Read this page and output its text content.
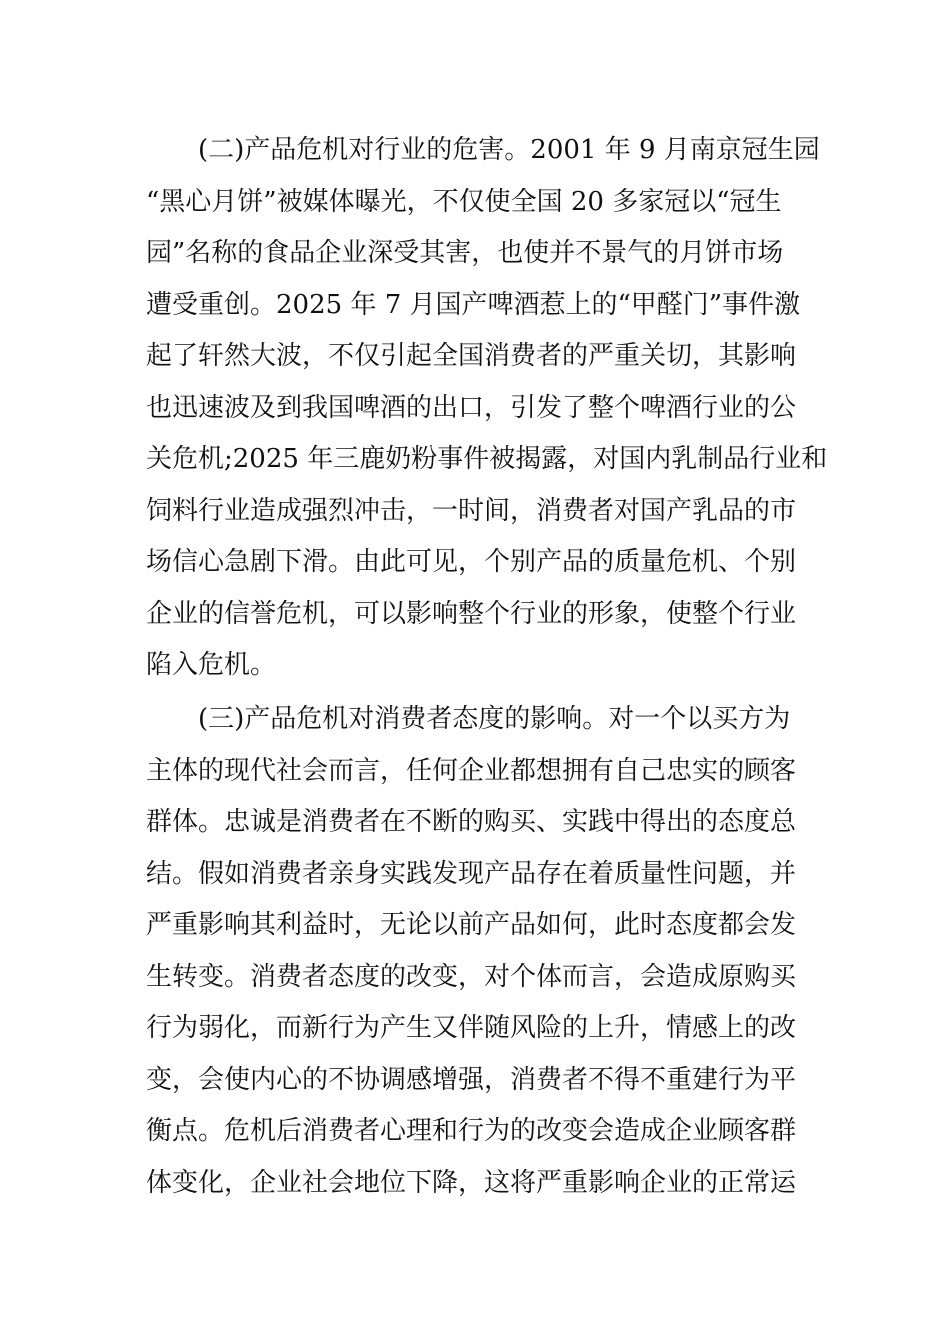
(二)产品危机对行业的危害。2001 年 9 月南京冠生园
“黑心月饼”被媒体曝光，不仅使全国 20 多家冠以“冠生
园”名称的食品企业深受其害，也使并不景气的月饼市场
遭受重创。2025 年 7 月国产啤酒惹上的“甲醛门”事件激
起了轩然大波，不仅引起全国消费者的严重关切，其影响
也迅速波及到我国啤酒的出口，引发了整个啤酒行业的公
关危机;2025 年三鹿奶粉事件被揭露，对国内乳制品行业和
饲料行业造成强烈冲击，一时间，消费者对国产乳品的市
场信心急剧下滑。由此可见，个别产品的质量危机、个别
企业的信誉危机，可以影响整个行业的形象，使整个行业
陷入危机。
(三)产品危机对消费者态度的影响。对一个以买方为
主体的现代社会而言，任何企业都想拥有自己忠实的顾客
群体。忠诚是消费者在不断的购买、实践中得出的态度总
结。假如消费者亲身实践发现产品存在着质量性问题，并
严重影响其利益时，无论以前产品如何，此时态度都会发
生转变。消费者态度的改变，对个体而言，会造成原购买
行为弱化，而新行为产生又伴随风险的上升，情感上的改
变，会使内心的不协调感增强，消费者不得不重建行为平
衡点。危机后消费者心理和行为的改变会造成企业顾客群
体变化，企业社会地位下降，这将严重影响企业的正常运
